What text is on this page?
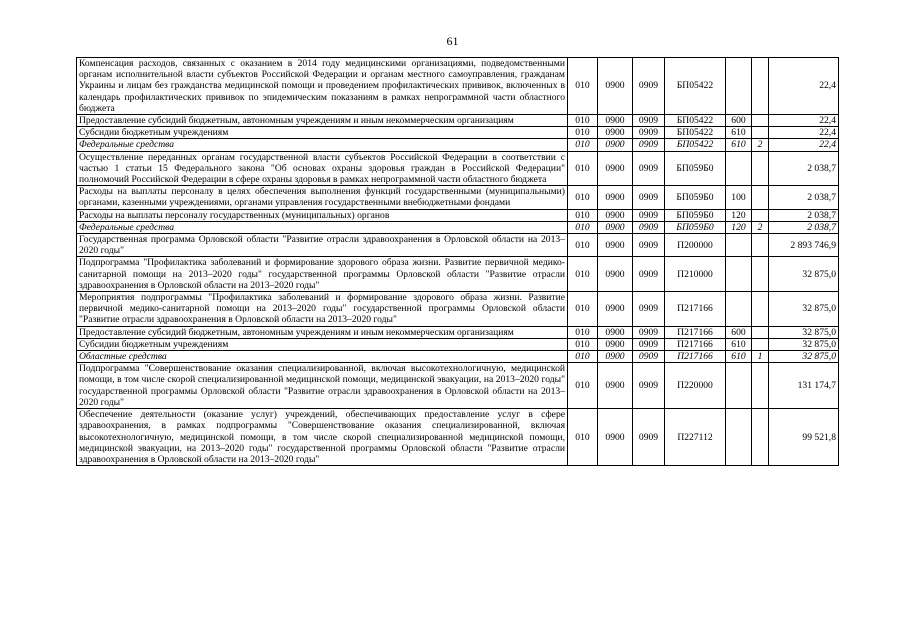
61
Компенсация расходов, связанных с оказанием в 2014 году медицинскими организациями, подведомственными органам исполнительной власти субъектов Российской Федерации и органам местного самоуправления, гражданам Украины и лицам без гражданства медицинской помощи и проведением профилактических прививок, включенных в календарь профилактических прививок по эпидемическим показаниям в рамках непрограммной части областного бюджета	010	0900	0909	БП05422			22,4
Предоставление субсидий бюджетным, автономным учреждениям и иным некоммерческим организациям	010	0900	0909	БП05422	600		22,4
Субсидии бюджетным учреждениям	010	0900	0909	БП05422	610		22,4
Федеральные средства	010	0900	0909	БП05422	610	2	22,4
Осуществление переданных органам государственной власти субъектов Российской Федерации в соответствии с частью 1 статьи 15 Федерального закона "Об основах охраны здоровья граждан в Российской Федерации" полномочий Российской Федерации в сфере охраны здоровья в рамках непрограммной части областного бюджета	010	0900	0909	БП059Б0			2 038,7
Расходы на выплаты персоналу в целях обеспечения выполнения функций государственными (муниципальными) органами, казенными учреждениями, органами управления государственными внебюджетными фондами	010	0900	0909	БП059Б0	100		2 038,7
Расходы на выплаты персоналу государственных (муниципальных) органов	010	0900	0909	БП059Б0	120		2 038,7
Федеральные средства	010	0900	0909	БП059Б0	120	2	2 038,7
Государственная программа Орловской области "Развитие отрасли здравоохранения в Орловской области на 2013–2020 годы"	010	0900	0909	П200000			2 893 746,9
Подпрограмма "Профилактика заболеваний и формирование здорового образа жизни. Развитие первичной медико-санитарной помощи на 2013–2020 годы" государственной программы Орловской области "Развитие отрасли здравоохранения в Орловской области на 2013–2020 годы"	010	0900	0909	П210000			32 875,0
Мероприятия подпрограммы "Профилактика заболеваний и формирование здорового образа жизни. Развитие первичной медико-санитарной помощи на 2013–2020 годы" государственной программы Орловской области "Развитие отрасли здравоохранения в Орловской области на 2013–2020 годы"	010	0900	0909	П217166			32 875,0
Предоставление субсидий бюджетным, автономным учреждениям и иным некоммерческим организациям	010	0900	0909	П217166	600		32 875,0
Субсидии бюджетным учреждениям	010	0900	0909	П217166	610		32 875,0
Областные средства	010	0900	0909	П217166	610	1	32 875,0
Подпрограмма "Совершенствование оказания специализированной, включая высокотехнологичную, медицинской помощи, в том числе скорой специализированной медицинской помощи, медицинской эвакуации, на 2013–2020 годы" государственной программы Орловской области "Развитие отрасли здравоохранения в Орловской области на 2013–2020 годы"	010	0900	0909	П220000			131 174,7
Обеспечение деятельности (оказание услуг) учреждений, обеспечивающих предоставление услуг в сфере здравоохранения, в рамках подпрограммы "Совершенствование оказания специализированной, включая высокотехнологичную, медицинской помощи, в том числе скорой специализированной медицинской помощи, медицинской эвакуации, на 2013–2020 годы" государственной программы Орловской области "Развитие отрасли здравоохранения в Орловской области на 2013–2020 годы"	010	0900	0909	П227112			99 521,8
